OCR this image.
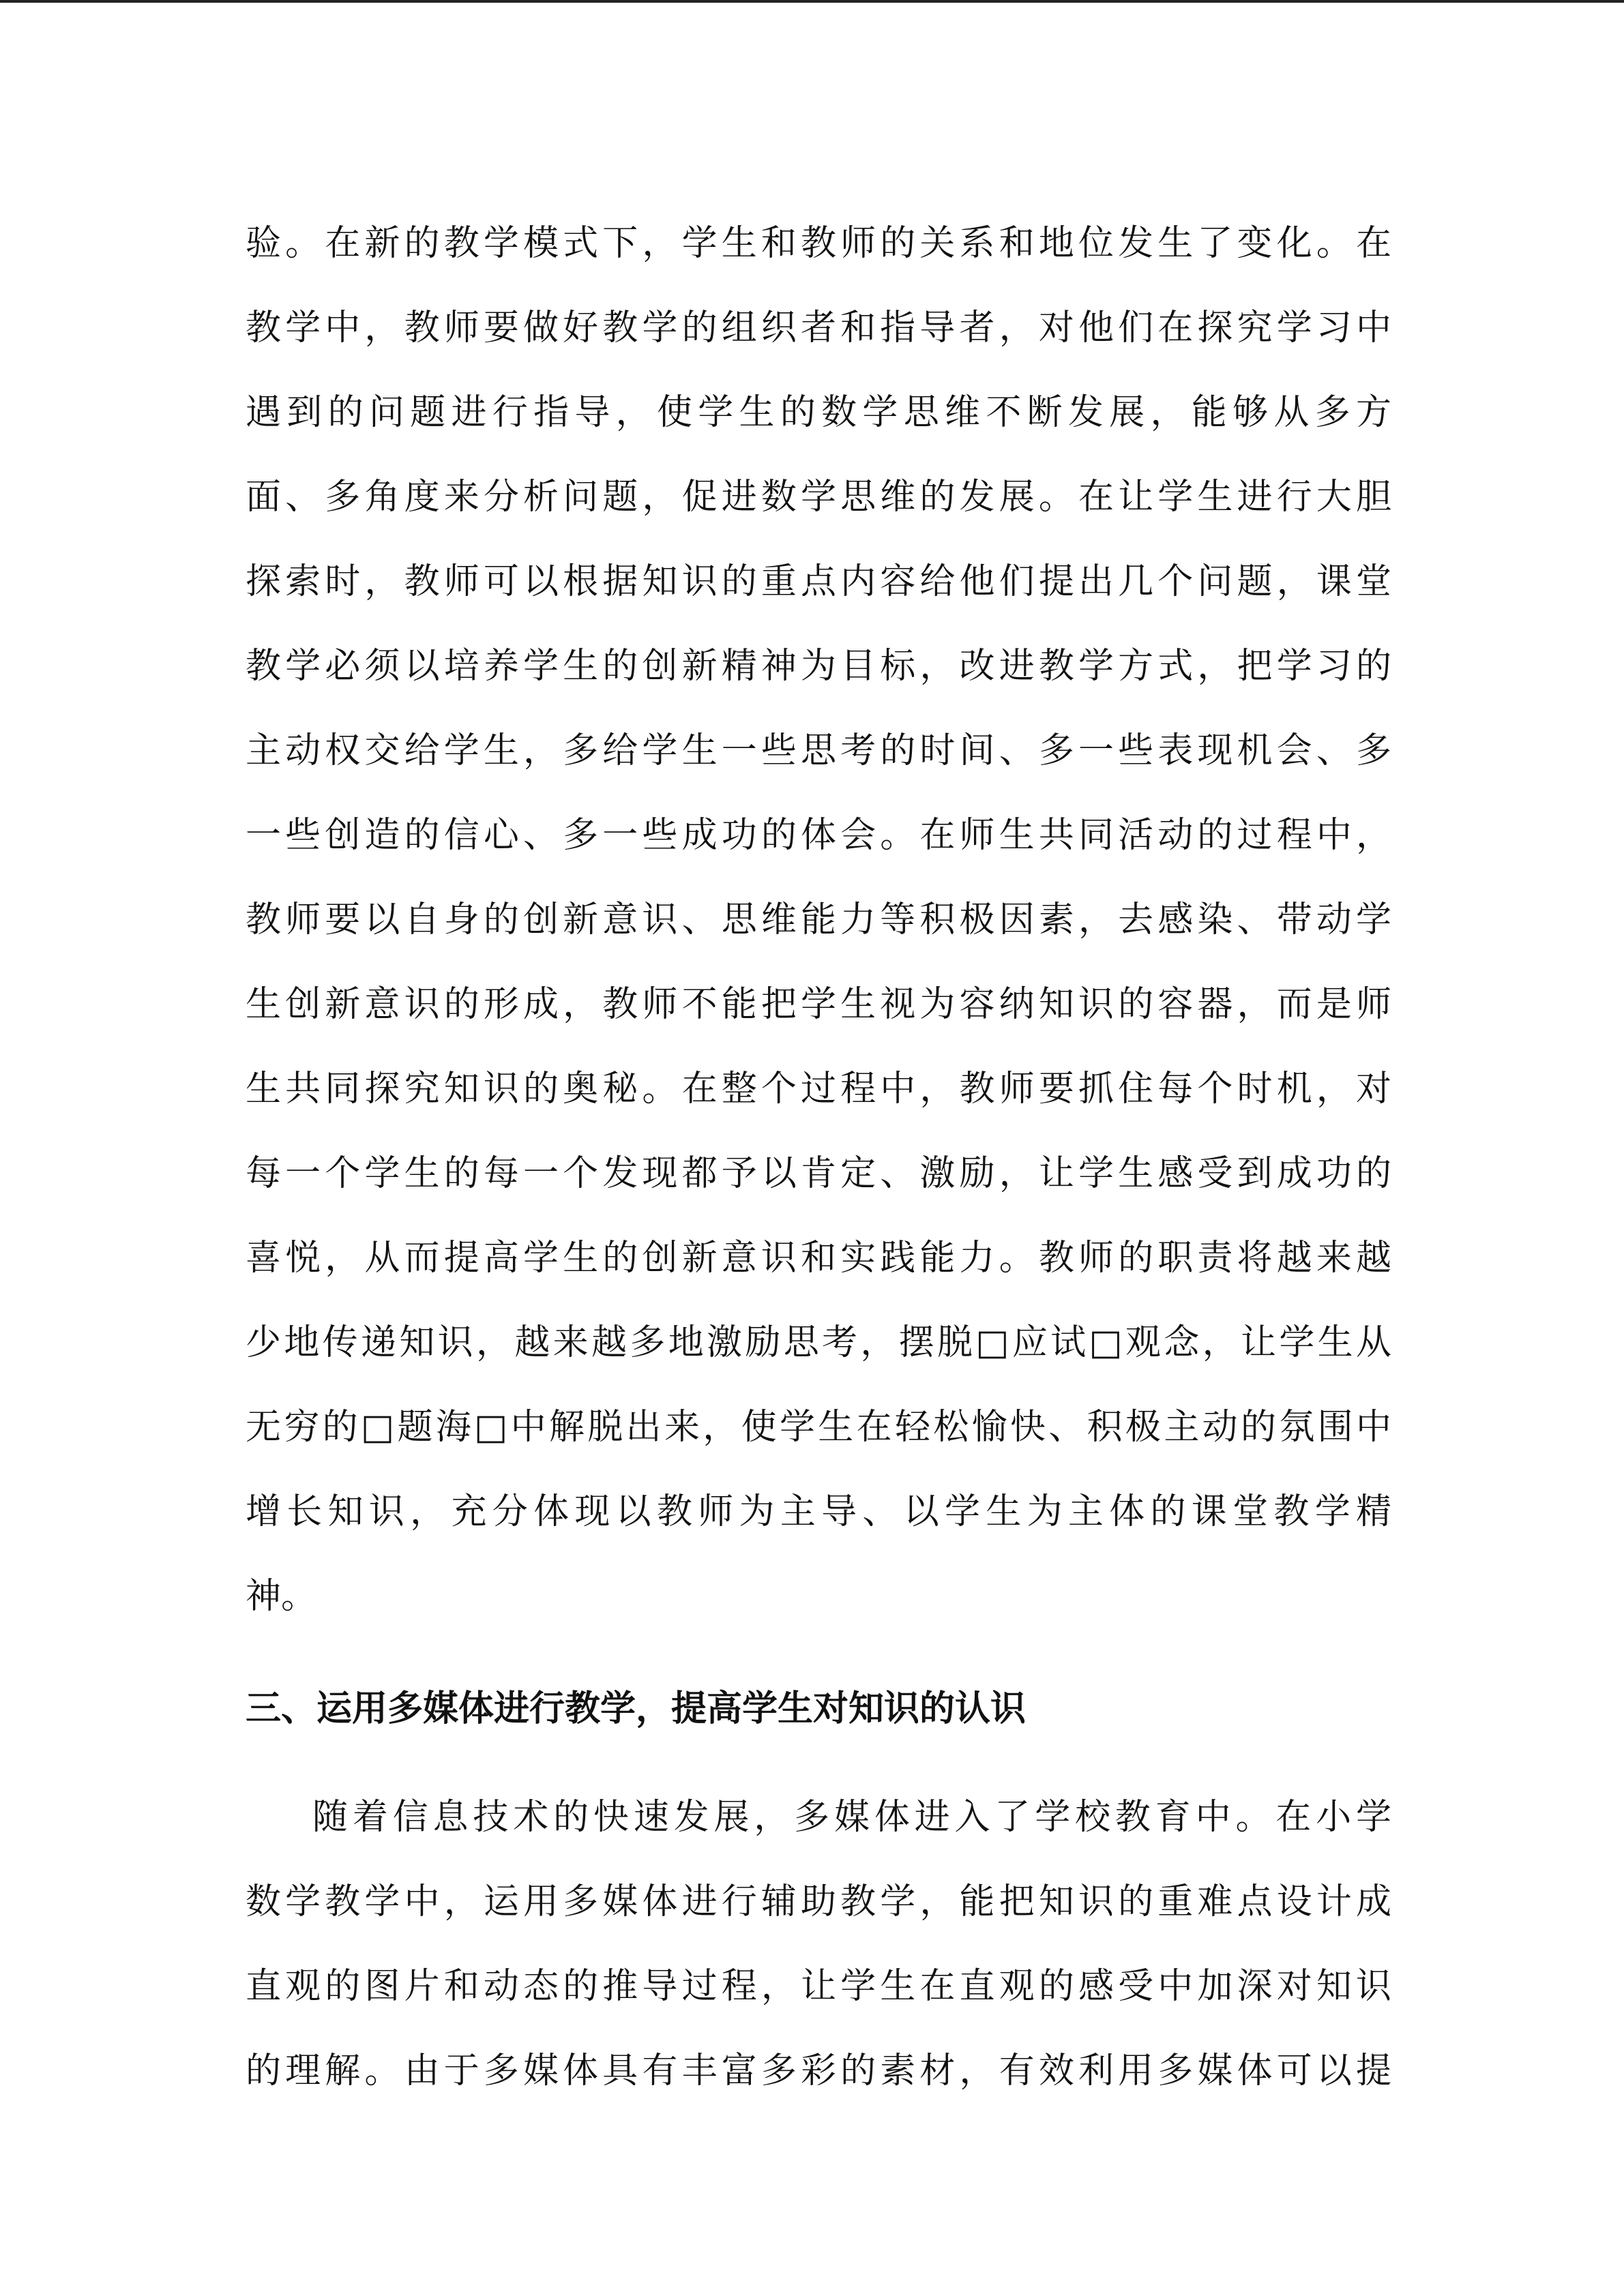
验。在新的教学模式下，学生和教师的关系和地位发生了变化。在
教学中，教师要做好教学的组织者和指导者，对他们在探究学习中
遇到的问题进行指导，使学生的数学思维不断发展，能够从多方
面、多角度来分析问题，促进数学思维的发展。在让学生进行大胆
探索时，教师可以根据知识的重点内容给他们提出几个问题，课堂
教学必须以培养学生的创新精神为目标，改进教学方式，把学习的
主动权交给学生，多给学生一些思考的时间、多一些表现机会、多
一些创造的信心、多一些成功的体会。在师生共同活动的过程中，
教师要以自身的创新意识、思维能力等积极因素，去感染、带动学
生创新意识的形成，教师不能把学生视为容纳知识的容器，而是师
生共同探究知识的奥秘。在整个过程中，教师要抓住每个时机，对
每一个学生的每一个发现都予以肯定、激励，让学生感受到成功的
喜悦，从而提高学生的创新意识和实践能力。教师的职责将越来越
少地传递知识，越来越多地激励思考，摆脱□应试□观念，让学生从
无穷的□题海□中解脱出来，使学生在轻松愉快、积极主动的氛围中
增长知识，充分体现以教师为主导、以学生为主体的课堂教学精
神。
三、运用多媒体进行教学，提高学生对知识的认识
随着信息技术的快速发展，多媒体进入了学校教育中。在小学
数学教学中，运用多媒体进行辅助教学，能把知识的重难点设计成
直观的图片和动态的推导过程，让学生在直观的感受中加深对知识
的理解。由于多媒体具有丰富多彩的素材，有效利用多媒体可以提
